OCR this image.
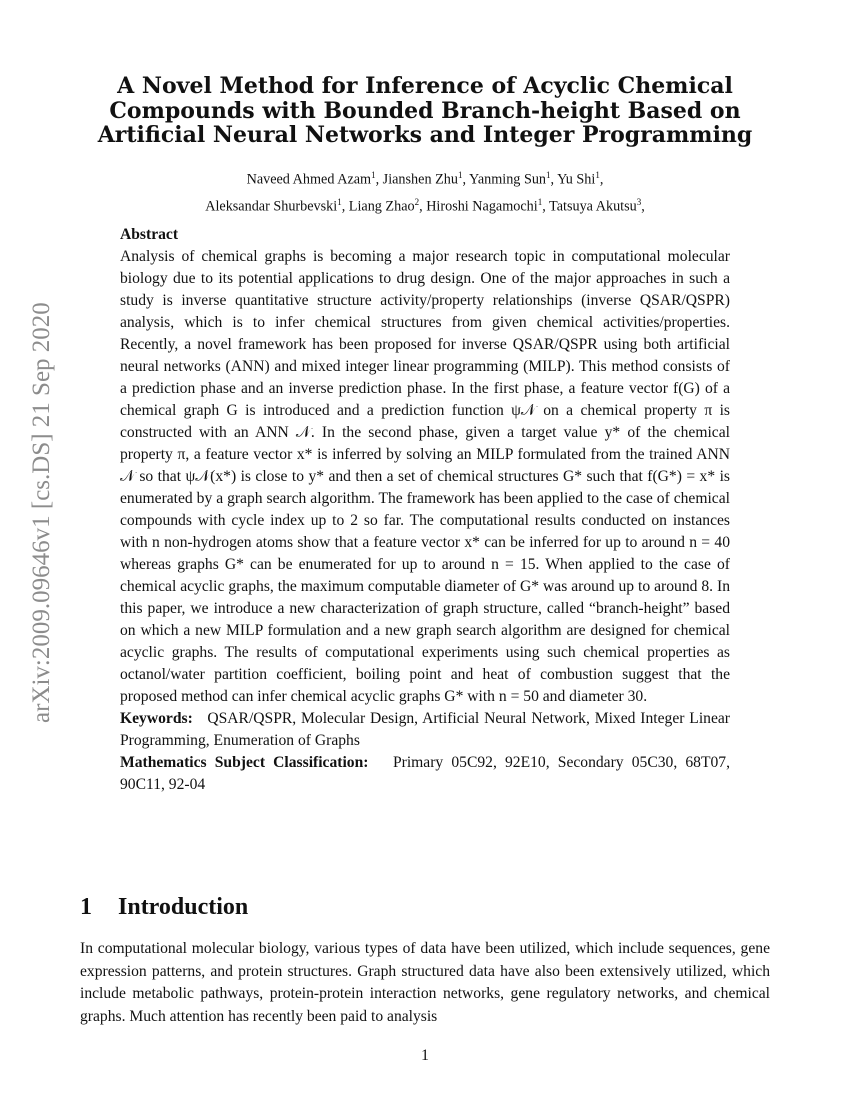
arXiv:2009.09646v1 [cs.DS] 21 Sep 2020
A Novel Method for Inference of Acyclic Chemical Compounds with Bounded Branch-height Based on Artificial Neural Networks and Integer Programming
Naveed Ahmed Azam$^1$, Jianshen Zhu$^1$, Yanming Sun$^1$, Yu Shi$^1$,
Aleksandar Shurbevski$^1$, Liang Zhao$^2$, Hiroshi Nagamochi$^1$, Tatsuya Akutsu$^3$,
Abstract

Analysis of chemical graphs is becoming a major research topic in computational molecular biology due to its potential applications to drug design. One of the major approaches in such a study is inverse quantitative structure activity/property relationships (inverse QSAR/QSPR) analysis, which is to infer chemical structures from given chemical activities/properties. Recently, a novel framework has been proposed for inverse QSAR/QSPR using both artificial neural networks (ANN) and mixed integer linear programming (MILP). This method consists of a prediction phase and an inverse prediction phase. In the first phase, a feature vector f(G) of a chemical graph G is introduced and a prediction function ψ𝒩 on a chemical property π is constructed with an ANN 𝒩. In the second phase, given a target value y* of the chemical property π, a feature vector x* is inferred by solving an MILP formulated from the trained ANN 𝒩 so that ψ𝒩(x*) is close to y* and then a set of chemical structures G* such that f(G*) = x* is enumerated by a graph search algorithm. The framework has been applied to the case of chemical compounds with cycle index up to 2 so far. The computational results conducted on instances with n non-hydrogen atoms show that a feature vector x* can be inferred for up to around n = 40 whereas graphs G* can be enumerated for up to around n = 15. When applied to the case of chemical acyclic graphs, the maximum computable diameter of G* was around up to around 8. In this paper, we introduce a new characterization of graph structure, called “branch-height” based on which a new MILP formulation and a new graph search algorithm are designed for chemical acyclic graphs. The results of computational experiments using such chemical properties as octanol/water partition coefficient, boiling point and heat of combustion suggest that the proposed method can infer chemical acyclic graphs G* with n = 50 and diameter 30.

Keywords: QSAR/QSPR, Molecular Design, Artificial Neural Network, Mixed Integer Linear Programming, Enumeration of Graphs

Mathematics Subject Classification: Primary 05C92, 92E10, Secondary 05C30, 68T07, 90C11, 92-04

1 Introduction

In computational molecular biology, various types of data have been utilized, which include sequences, gene expression patterns, and protein structures. Graph structured data have also been extensively utilized, which include metabolic pathways, protein-protein interaction networks, gene regulatory networks, and chemical graphs. Much attention has recently been paid to analysis

1
